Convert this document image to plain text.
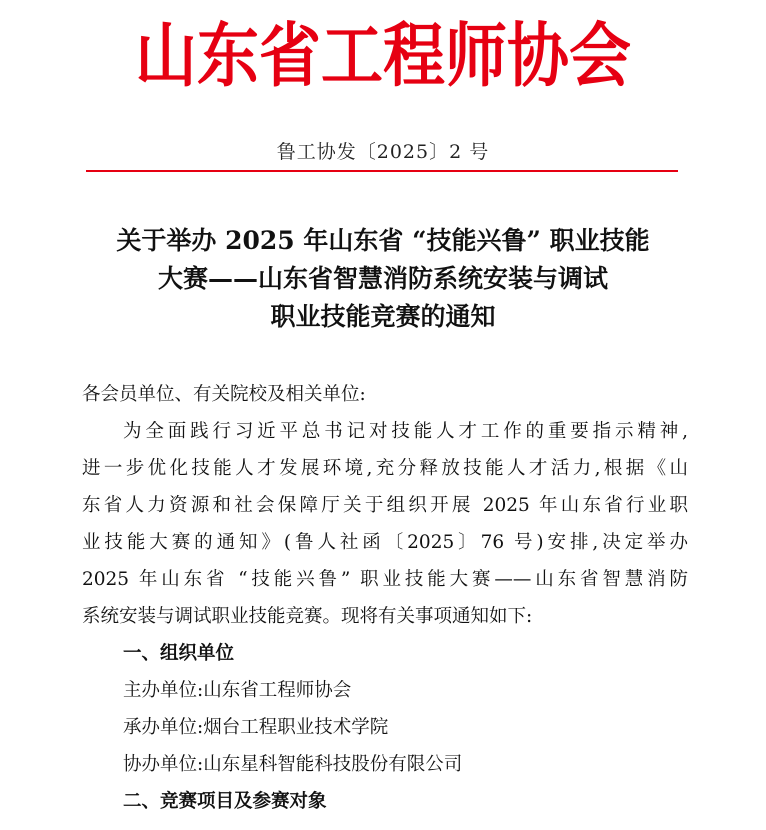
山东省工程师协会
鲁工协发〔2025〕2 号
关于举办 2025 年山东省 “技能兴鲁” 职业技能
大赛——山东省智慧消防系统安装与调试
职业技能竞赛的通知
各会员单位、有关院校及相关单位:
为全面践行习近平总书记对技能人才工作的重要指示精神,
进一步优化技能人才发展环境,充分释放技能人才活力,根据《山
东省人力资源和社会保障厅关于组织开展 2025 年山东省行业职
业技能大赛的通知》(鲁人社函〔2025〕76 号)安排,决定举办
2025 年山东省 “技能兴鲁” 职业技能大赛——山东省智慧消防
系统安装与调试职业技能竞赛。现将有关事项通知如下:
一、组织单位
主办单位:山东省工程师协会
承办单位:烟台工程职业技术学院
协办单位:山东星科智能科技股份有限公司
二、竞赛项目及参赛对象
